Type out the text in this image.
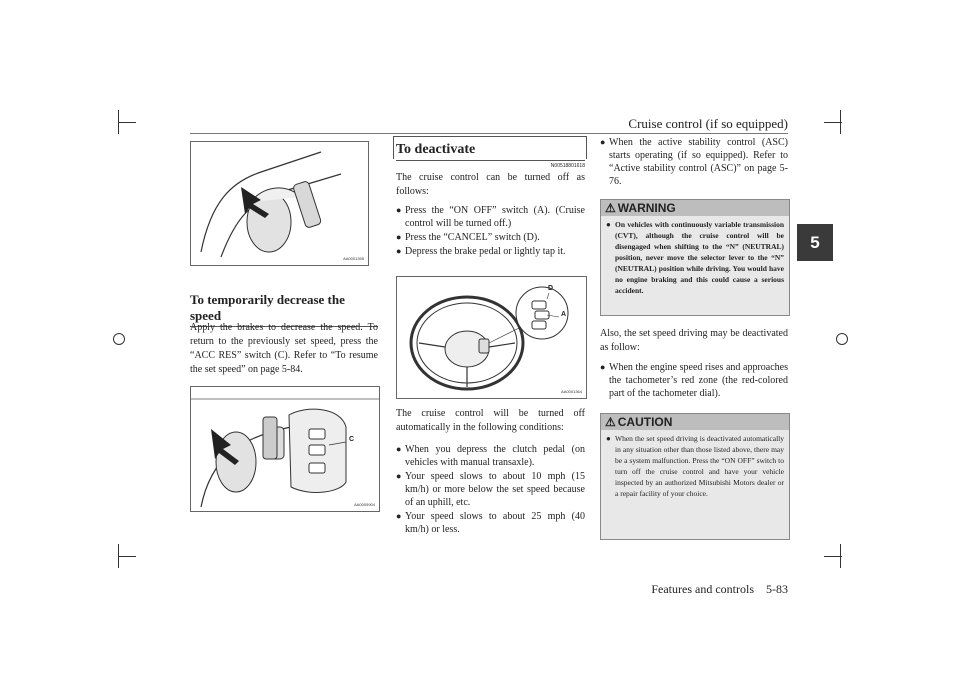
Cruise control (if so equipped)
5
AA0001395
To temporarily decrease the speed
Apply the brakes to decrease the speed. To return to the previously set speed, press the “ACC RES” switch (C). Refer to “To resume the set speed” on page 5-84.
C
AA0005904
To deactivate
N00518801618
The cruise control can be turned off as follows:
● Press the “ON OFF” switch (A). (Cruise control will be turned off.)
● Press the “CANCEL” switch (D).
● Depress the brake pedal or lightly tap it.
D
A
AA0001364
The cruise control will be turned off automatically in the following conditions:
● When you depress the clutch pedal (on vehicles with manual transaxle).
● Your speed slows to about 10 mph (15 km/h) or more below the set speed because of an uphill, etc.
● Your speed slows to about 25 mph (40 km/h) or less.
● When the active stability control (ASC) starts operating (if so equipped). Refer to “Active stability control (ASC)” on page 5-76.
⚠ WARNING
● On vehicles with continuously variable transmission (CVT), although the cruise control will be disengaged when shifting to the “N” (NEUTRAL) position, never move the selector lever to the “N” (NEUTRAL) position while driving. You would have no engine braking and this could cause a serious accident.
Also, the set speed driving may be deactivated as follow:
● When the engine speed rises and approaches the tachometer’s red zone (the red-colored part of the tachometer dial).
⚠ CAUTION
● When the set speed driving is deactivated automatically in any situation other than those listed above, there may be a system malfunction. Press the “ON OFF” switch to turn off the cruise control and have your vehicle inspected by an authorized Mitsubishi Motors dealer or a repair facility of your choice.
Features and controls    5-83
